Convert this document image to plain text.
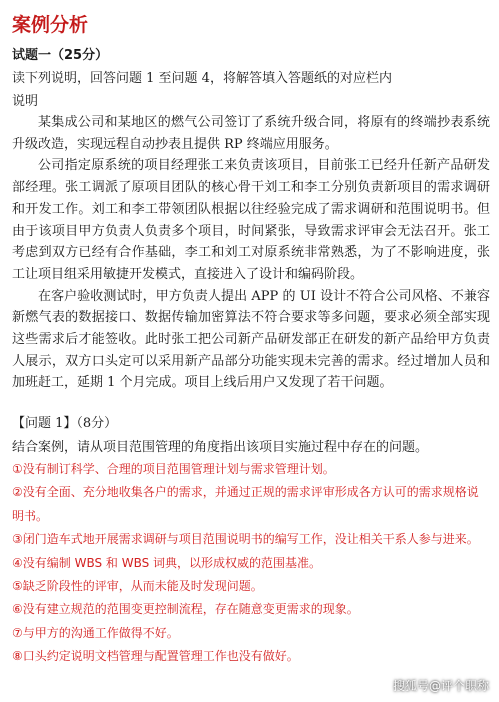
案例分析
试题一（25分）

读下列说明，回答问题 1 至问题 4，将解答填入答题纸的对应栏内

说明

某集成公司和某地区的燃气公司签订了系统升级合同，将原有的终端抄表系统升级改造，实现远程自动抄表且提供 RP 终端应用服务。

公司指定原系统的项目经理张工来负责该项目，目前张工已经升任新产品研发部经理。张工调派了原项目团队的核心骨干刘工和李工分别负责新项目的需求调研和开发工作。刘工和李工带领团队根据以往经验完成了需求调研和范围说明书。但由于该项目甲方负责人负责多个项目，时间紧张，导致需求评审会无法召开。张工考虑到双方已经有合作基础，李工和刘工对原系统非常熟悉，为了不影响进度，张工让项目组采用敏捷开发模式，直接进入了设计和编码阶段。

在客户验收测试时，甲方负责人提出 APP 的 UI 设计不符合公司风格、不兼容新燃气表的数据接口、数据传输加密算法不符合要求等多问题，要求必须全部实现这些需求后才能签收。此时张工把公司新产品研发部正在研发的新产品给甲方负责人展示，双方口头定可以采用新产品部分功能实现未完善的需求。经过增加人员和加班赶工，延期 1 个月完成。项目上线后用户又发现了若干问题。

【问题 1】（8分）

结合案例，请从项目范围管理的角度指出该项目实施过程中存在的问题。

①没有制订科学、合理的项目范围管理计划与需求管理计划。
②没有全面、充分地收集各户的需求，并通过正规的需求评审形成各方认可的需求规格说明书。
③闭门造车式地开展需求调研与项目范围说明书的编写工作，没让相关干系人参与进来。
④没有编制 WBS 和 WBS 词典，以形成权威的范围基准。
⑤缺乏阶段性的评审，从而未能及时发现问题。
⑥没有建立规范的范围变更控制流程，存在随意变更需求的现象。
⑦与甲方的沟通工作做得不好。
⑧口头约定说明文档管理与配置管理工作也没有做好。
搜狐号@评个职称
